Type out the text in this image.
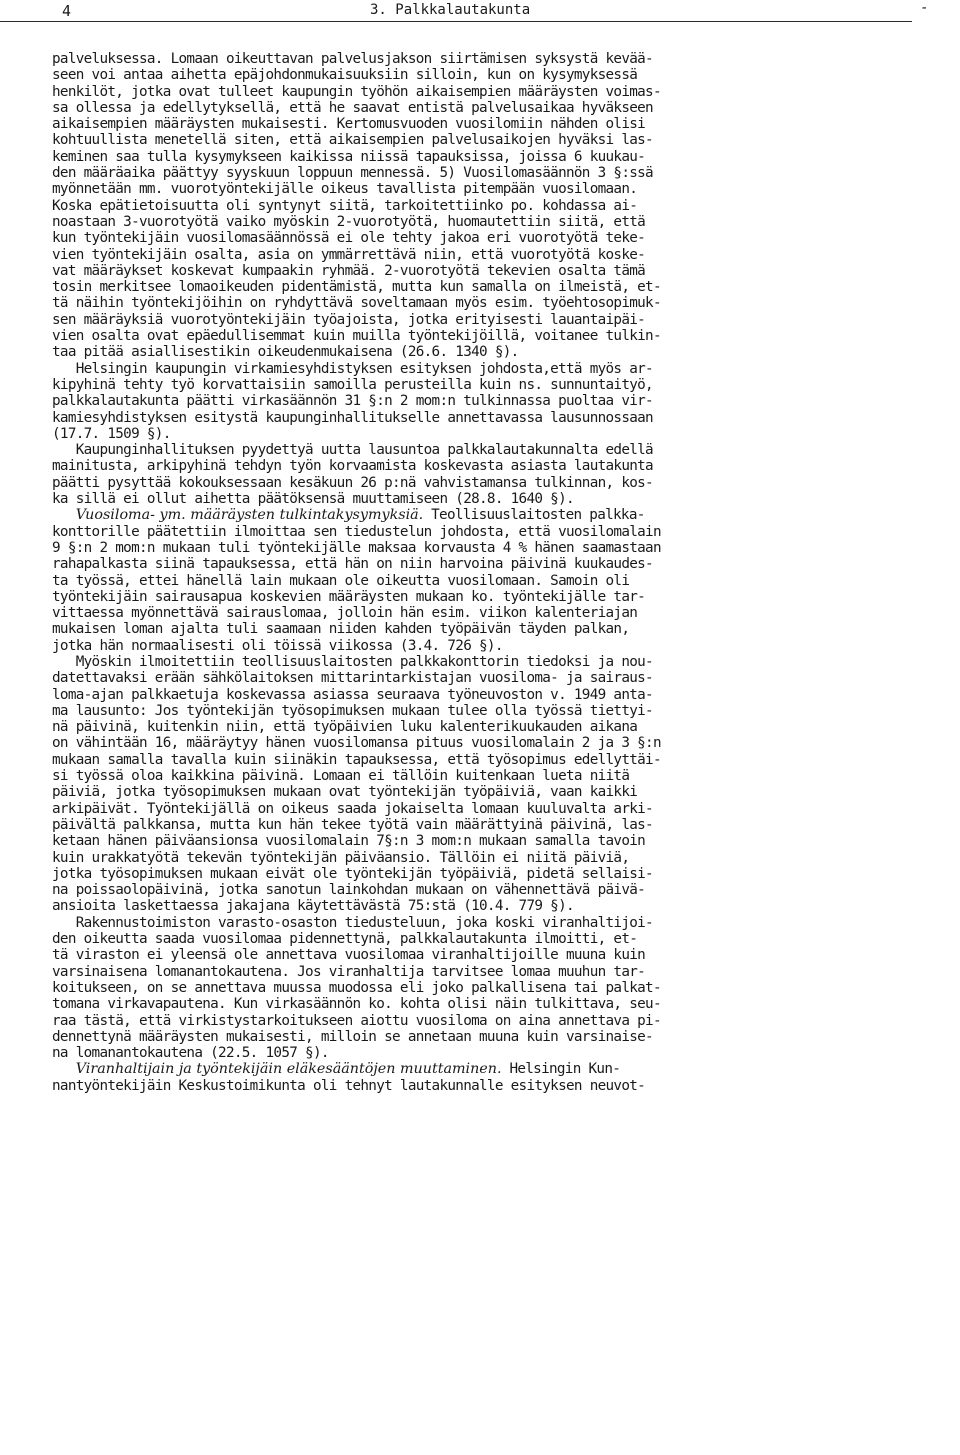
4	3. Palkkalautakunta	-
palveluksessa. Lomaan oikeuttavan palvelusjakson siirtämisen syksystä kevää-
seen voi antaa aihetta epäjohdonmukaisuuksiin silloin, kun on kysymyksessä
henkilöt, jotka ovat tulleet kaupungin työhön aikaisempien määräysten voimas-
sa ollessa ja edellytyksellä, että he saavat entistä palvelusaikaa hyväkseen
aikaisempien määräysten mukaisesti. Kertomusvuoden vuosilomiin nähden olisi
kohtuullista menetellä siten, että aikaisempien palvelusaikojen hyväksi las-
keminen saa tulla kysymykseen kaikissa niissä tapauksissa, joissa 6 kuukau-
den määräaika päättyy syyskuun loppuun mennessä. 5) Vuosilomasäännön 3 §:ssä
myönnetään mm. vuorotyöntekijälle oikeus tavallista pitempään vuosilomaan.
Koska epätietoisuutta oli syntynyt siitä, tarkoitettiinko po. kohdassa ai-
noastaan 3-vuorotyötä vaiko myöskin 2-vuorotyötä, huomautettiin siitä, että
kun työntekijäin vuosilomasäännössä ei ole tehty jakoa eri vuorotyötä teke-
vien työntekijäin osalta, asia on ymmärrettävä niin, että vuorotyötä koske-
vat määräykset koskevat kumpaakin ryhmää. 2-vuorotyötä tekevien osalta tämä
tosin merkitsee lomaoikeuden pidentämistä, mutta kun samalla on ilmeistä, et-
tä näihin työntekijöihin on ryhdyttävä soveltamaan myös esim. työehtosopimuk-
sen määräyksiä vuorotyöntekijäin työajoista, jotka erityisesti lauantaipäi-
vien osalta ovat epäedullisemmat kuin muilla työntekijöillä, voitanee tulkin-
taa pitää asiallisestikin oikeudenmukaisena (26.6. 1340 §).
Helsingin kaupungin virkamiesyhdistyksen esityksen johdosta,että myös ar-
kipyhinä tehty työ korvattaisiin samoilla perusteilla kuin ns. sunnuntaityö,
palkkalautakunta päätti virkasäännön 31 §:n 2 mom:n tulkinnassa puoltaa vir-
kamiesyhdistyksen esitystä kaupunginhallitukselle annettavassa lausunnossaan
(17.7. 1509 §).
Kaupunginhallituksen pyydettyä uutta lausuntoa palkkalautakunnalta edellä
mainitusta, arkipyhinä tehdyn työn korvaamista koskevasta asiasta lautakunta
päätti pysyttää kokouksessaan kesäkuun 26 p:nä vahvistamansa tulkinnan, kos-
ka sillä ei ollut aihetta päätöksensä muuttamiseen (28.8. 1640 §).
Vuosiloma- ym. määräysten tulkintakysymyksiä. Teollisuuslaitosten palkka-
konttorille päätettiin ilmoittaa sen tiedustelun johdosta, että vuosilomalain
9 §:n 2 mom:n mukaan tuli työntekijälle maksaa korvausta 4 % hänen saamastaan
rahapalkasta siinä tapauksessa, että hän on niin harvoina päivinä kuukaudes-
ta työssä, ettei hänellä lain mukaan ole oikeutta vuosilomaan. Samoin oli
työntekijäin sairausapua koskevien määräysten mukaan ko. työntekijälle tar-
vittaessa myönnettävä sairauslomaa, jolloin hän esim. viikon kalenteriajan
mukaisen loman ajalta tuli saamaan niiden kahden työpäivän täyden palkan,
jotka hän normaalisesti oli töissä viikossa (3.4. 726 §).
Myöskin ilmoitettiin teollisuuslaitosten palkkakonttorin tiedoksi ja nou-
datettavaksi erään sähkölaitoksen mittarintarkistajan vuosiloma- ja sairaus-
loma-ajan palkkaetuja koskevassa asiassa seuraava työneuvoston v. 1949 anta-
ma lausunto: Jos työntekijän työsopimuksen mukaan tulee olla työssä tiettyi-
nä päivinä, kuitenkin niin, että työpäivien luku kalenterikuukauden aikana
on vähintään 16, määräytyy hänen vuosilomansa pituus vuosilomalain 2 ja 3 §:n
mukaan samalla tavalla kuin siinäkin tapauksessa, että työsopimus edellyttäi-
si työssä oloa kaikkina päivinä. Lomaan ei tällöin kuitenkaan lueta niitä
päiviä, jotka työsopimuksen mukaan ovat työntekijän työpäiviä, vaan kaikki
arkipäivät. Työntekijällä on oikeus saada jokaiselta lomaan kuuluvalta arki-
päivältä palkkansa, mutta kun hän tekee työtä vain määrättyinä päivinä, las-
ketaan hänen päiväansionsa vuosilomalain 7§:n 3 mom:n mukaan samalla tavoin
kuin urakkatyötä tekevän työntekijän päiväansio. Tällöin ei niitä päiviä,
jotka työsopimuksen mukaan eivät ole työntekijän työpäiviä, pidetä sellaisi-
na poissaolopäivinä, jotka sanotun lainkohdan mukaan on vähennettävä päivä-
ansioita laskettaessa jakajana käytettävästä 75:stä (10.4. 779 §).
Rakennustoimiston varasto-osaston tiedusteluun, joka koski viranhaltijoi-
den oikeutta saada vuosilomaa pidennettynä, palkkalautakunta ilmoitti, et-
tä viraston ei yleensä ole annettava vuosilomaa viranhaltijoille muuna kuin
varsinaisena lomanantokautena. Jos viranhaltija tarvitsee lomaa muuhun tar-
koitukseen, on se annettava muussa muodossa eli joko palkallisena tai palkat-
tomana virkavapautena. Kun virkasäännön ko. kohta olisi näin tulkittava, seu-
raa tästä, että virkistystarkoitukseen aiottu vuosiloma on aina annettava pi-
dennettynä määräysten mukaisesti, milloin se annetaan muuna kuin varsinaise-
na lomanantokautena (22.5. 1057 §).
Viranhaltijain ja työntekijäin eläkesääntöjen muuttaminen. Helsingin Kun-
nantyöntekijäin Keskustoimikunta oli tehnyt lautakunnalle esityksen neuvot-
